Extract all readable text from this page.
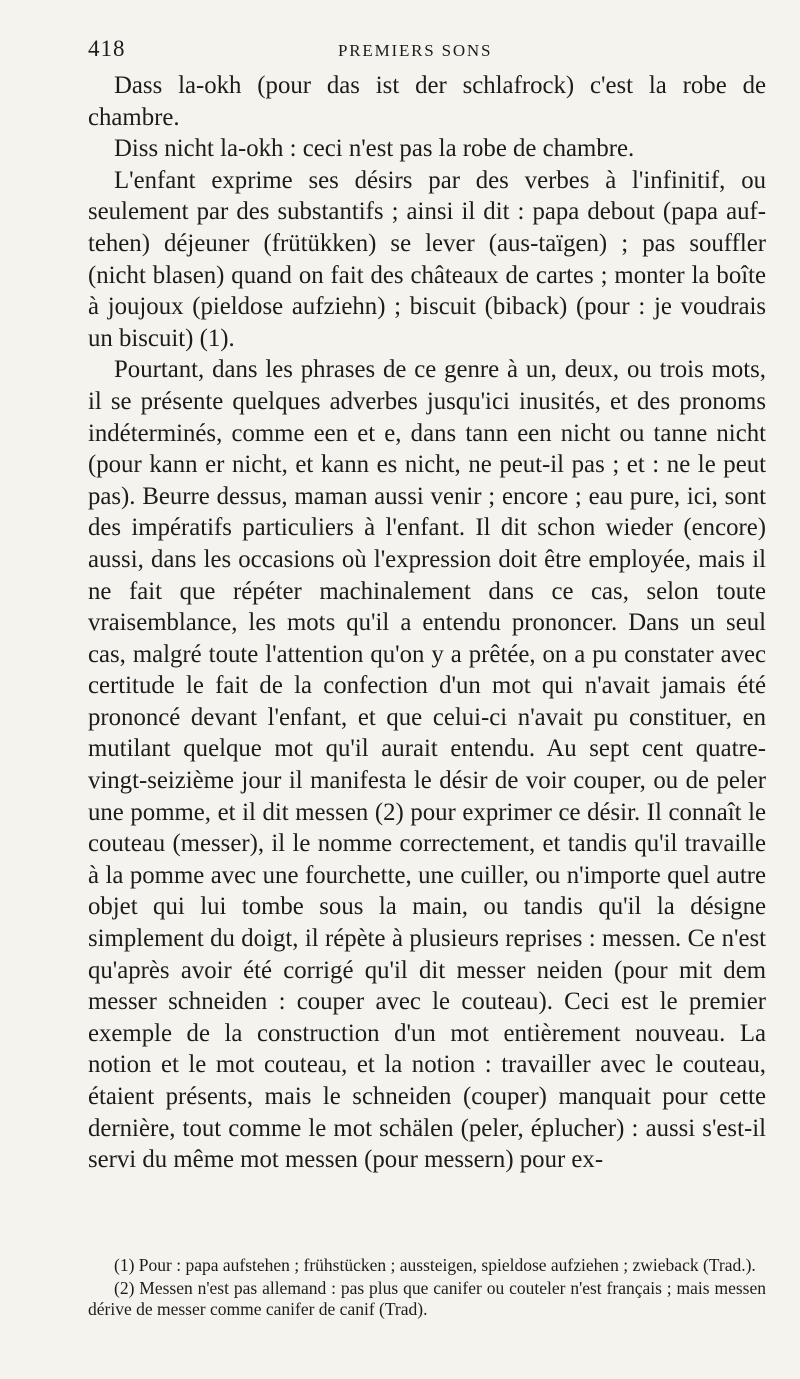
418	PREMIERS SONS

Dass la-okh (pour das ist der schlafrock) c'est la robe de chambre.

Diss nicht la-okh : ceci n'est pas la robe de chambre.

L'enfant exprime ses désirs par des verbes à l'infinitif, ou seulement par des substantifs ; ainsi il dit : papa debout (papa auf-tehen) déjeuner (frütükken) se lever (aus-taïgen) ; pas souffler (nicht blasen) quand on fait des châteaux de cartes ; monter la boîte à joujoux (pieldose aufziehn) ; biscuit (biback) (pour : je voudrais un biscuit) (1).

Pourtant, dans les phrases de ce genre à un, deux, ou trois mots, il se présente quelques adverbes jusqu'ici inusités, et des pronoms indéterminés, comme een et e, dans tann een nicht ou tanne nicht (pour kann er nicht, et kann es nicht, ne peut-il pas ; et : ne le peut pas). Beurre dessus, maman aussi venir ; encore ; eau pure, ici, sont des impératifs particuliers à l'enfant. Il dit schon wieder (encore) aussi, dans les occasions où l'expression doit être employée, mais il ne fait que répéter machinalement dans ce cas, selon toute vraisemblance, les mots qu'il a entendu prononcer. Dans un seul cas, malgré toute l'attention qu'on y a prêtée, on a pu constater avec certitude le fait de la confection d'un mot qui n'avait jamais été prononcé devant l'enfant, et que celui-ci n'avait pu constituer, en mutilant quelque mot qu'il aurait entendu. Au sept cent quatre-vingt-seizième jour il manifesta le désir de voir couper, ou de peler une pomme, et il dit messen (2) pour exprimer ce désir. Il connaît le couteau (messer), il le nomme correctement, et tandis qu'il travaille à la pomme avec une fourchette, une cuiller, ou n'importe quel autre objet qui lui tombe sous la main, ou tandis qu'il la désigne simplement du doigt, il répète à plusieurs reprises : messen. Ce n'est qu'après avoir été corrigé qu'il dit messer neiden (pour mit dem messer schneiden : couper avec le couteau). Ceci est le premier exemple de la construction d'un mot entièrement nouveau. La notion et le mot couteau, et la notion : travailler avec le couteau, étaient présents, mais le schneiden (couper) manquait pour cette dernière, tout comme le mot schälen (peler, éplucher) : aussi s'est-il servi du même mot messen (pour messern) pour ex-

(1) Pour : papa aufstehen ; frühstücken ; aussteigen, spieldose aufziehen ; zwieback (Trad.).

(2) Messen n'est pas allemand : pas plus que canifer ou couteler n'est français ; mais messen dérive de messer comme canifer de canif (Trad).
